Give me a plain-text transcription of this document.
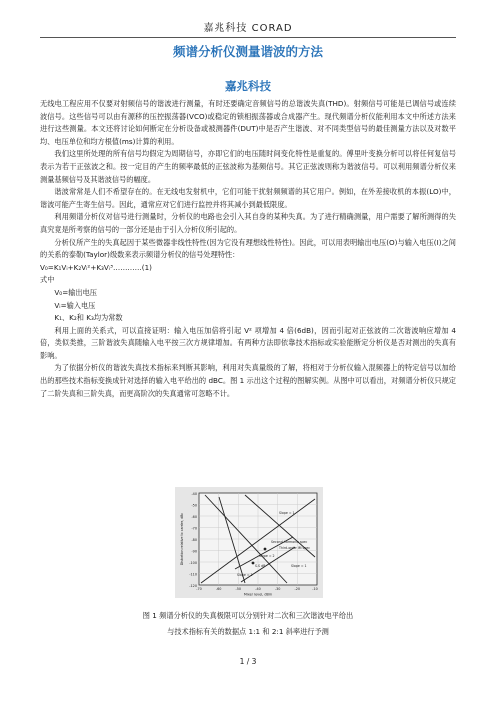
嘉兆科技 CORAD
频谱分析仪测量谐波的方法
嘉兆科技

无线电工程应用不仅要对射频信号的谐波进行测量，有时还要确定音频信号的总谐波失真(THD)。射频信号可能是已调信号或连续波信号。这些信号可以由有源移的压控振荡器(VCO)或稳定的锁相振荡器或合成器产生。现代频谱分析仪能利用本文中所述方法来进行这些测量。本文还将讨论如何断定在分析设备或被测器件(DUT)中是否产生谐波、对不同类型信号的最佳测量方法以及对数平均、电压单位和均方根值(ms)计算的利用。

我们这里所处理的所有信号均假定为周期信号，亦即它们的电压随时间变化特性是重复的。傅里叶变换分析可以将任何复信号表示为若干正弦波之和。按一定目的产生的频率最低的正弦波称为基频信号。其它正弦波则称为谐波信号。可以利用频谱分析仪来测量基频信号及其谐波信号的幅度。

谐波常常是人们不希望存在的。在无线电发射机中，它们可能干扰射频频谱的其它用户。例如，在外差接收机的本振(LO)中，谐波可能产生寄生信号。因此，通常应对它们进行监控并将其减小到最低限度。

利用频谱分析仪对信号进行测量时，分析仪的电路也会引入其自身的某种失真。为了进行精确测量，用户需要了解所测得的失真究竟是所考察的信号的一部分还是由于引入分析仪所引起的。

分析仪所产生的失真起因于某些微器非线性特性(因为它没有理想线性特性)。因此，可以用表明输出电压(O)与输入电压(I)之间的关系的泰勒(Taylor)级数来表示频谱分析仪的信号处理特性：

V₀=K₁Vᵢ+K₂Vᵢ²+K₃Vᵢ³…………(1)

式中

V₀=输出电压

Vᵢ=输入电压

K₁、K₂和 K₃均为常数

利用上面的关系式，可以直接证明：输入电压加倍将引起 V² 项增加 4 倍(6dB)，因而引起对正弦波的二次谐波响应增加 4 倍，类似类推，三阶谐波失真随输入电平按三次方规律增加。有两种方法即依靠技术指标或实验能断定分析仪是否对测出的失真有影响。

为了依据分析仪的谐波失真技术指标来判断其影响，利用对失真量级的了解，将相对于分析仪输入混频器上的特定信号以加给出的那些技术指标变换成针对选择的输入电平给出的 dBC。图 1 示出这个过程的图解实例。从图中可以看出，对频谱分析仪只规定了二阶失真和三阶失真，而更高阶次的失真通常可忽略不计。

-40
-50
-60
-70
-80
-90
-100
-110
-120
-70	-60	-50	-40	-30	-20	-10
Mixer level, dBm
Distortion relative to carrier, dBc	Slope = 1
Second-harmonic spec
Third-order IM spec
Slope = 2
Slope = 1
S.S dB	Slope = 1
图 1 频谱分析仪的失真极限可以分别针对二次和三次谐波电平给出
与技术指标有关的数据点 1:1 和 2:1 斜率进行予测
1 / 3
